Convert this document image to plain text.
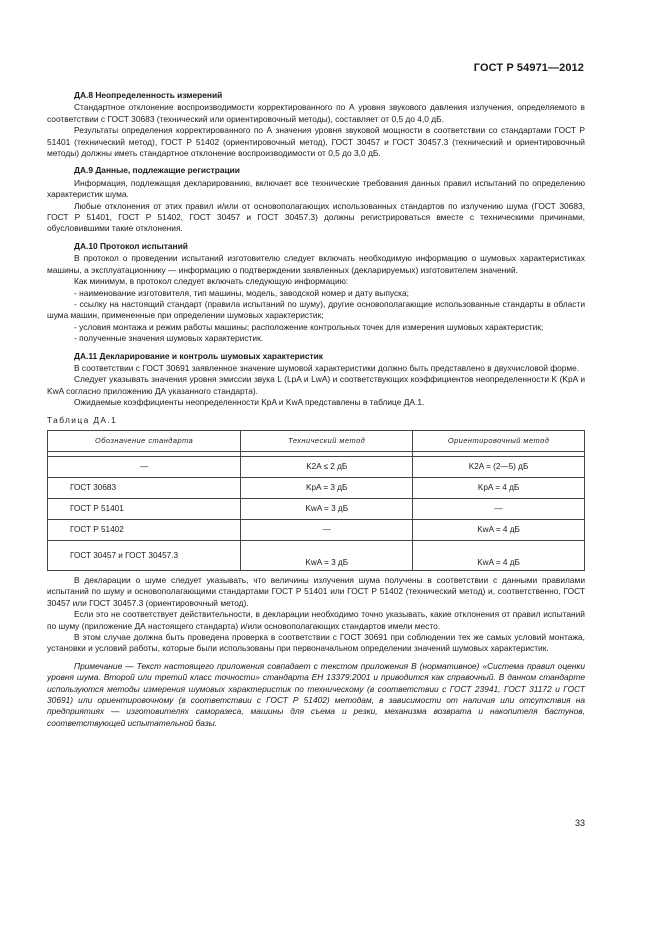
ГОСТ Р 54971—2012
ДА.8 Неопределенность измерений

Стандартное отклонение воспроизводимости корректированного по А уровня звукового давления излучения, определяемого в соответствии с ГОСТ 30683 (технический или ориентировочный методы), составляет от 0,5 до 4,0 дБ.

Результаты определения корректированного по А значения уровня звуковой мощности в соответствии со стандартами ГОСТ Р 51401 (технический метод), ГОСТ Р 51402 (ориентировочный метод), ГОСТ 30457 и ГОСТ 30457.3 (технический и ориентировочный методы) должны иметь стандартное отклонение воспроизводимости от 0,5 до 3,0 дБ.

ДА.9 Данные, подлежащие регистрации

Информация, подлежащая декларированию, включает все технические требования данных правил испытаний по определению характеристик шума.

Любые отклонения от этих правил и/или от основополагающих использованных стандартов по излучению шума (ГОСТ 30683, ГОСТ Р 51401, ГОСТ Р 51402, ГОСТ 30457 и ГОСТ 30457.3) должны регистрироваться вместе с техническими причинами, обусловившими такие отклонения.

ДА.10 Протокол испытаний

В протокол о проведении испытаний изготовителю следует включать необходимую информацию о шумовых характеристиках машины, а эксплуатационнику — информацию о подтверждении заявленных (декларируемых) изготовителем значений.

Как минимум, в протокол следует включать следующую информацию:

- наименование изготовителя, тип машины, модель, заводской номер и дату выпуска;

- ссылку на настоящий стандарт (правила испытаний по шуму), другие основополагающие использованные стандарты в области шума машин, примененные при определении шумовых характеристик;

- условия монтажа и режим работы машины; расположение контрольных точек для измерения шумовых характеристик;

- полученные значения шумовых характеристик.

ДА.11 Декларирование и контроль шумовых характеристик

В соответствии с ГОСТ 30691 заявленное значение шумовой характеристики должно быть представлено в двухчисловой форме.

Следует указывать значения уровня эмиссии звука L (LpA и LwA) и соответствующих коэффициентов неопределенности K (KpA и KwA согласно приложению ДА указанного стандарта).

Ожидаемые коэффициенты неопределенности KpA и KwA представлены в таблице ДА.1.

Таблица ДА.1
Обозначение стандарта	Технический метод	Ориентировочный метод

—	K2A ≤ 2 дБ	K2A = (2—5) дБ
ГОСТ 30683	KpA = 3 дБ	KpA = 4 дБ
ГОСТ Р 51401	KwA = 3 дБ	—
ГОСТ Р 51402	—	KwA = 4 дБ
ГОСТ 30457 и ГОСТ 30457.3	KwA = 3 дБ	KwA = 4 дБ

В декларации о шуме следует указывать, что величины излучения шума получены в соответствии с данными правилами испытаний по шуму и основополагающими стандартами ГОСТ Р 51401 или ГОСТ Р 51402 (технический метод) и, соответственно, ГОСТ 30457 или ГОСТ 30457.3 (ориентировочный метод).

Если это не соответствует действительности, в декларации необходимо точно указывать, какие отклонения от правил испытаний по шуму (приложение ДА настоящего стандарта) и/или основополагающих стандартов имели место.

В этом случае должна быть проведена проверка в соответствии с ГОСТ 30691 при соблюдении тех же самых условий монтажа, установки и условий работы, которые были использованы при первоначальном определении значений шумовых характеристик.

Примечание — Текст настоящего приложения совпадает с текстом приложения В (нормативное) «Система правил оценки уровня шума. Второй или третий класс точности» стандарта ЕН 13379:2001 и приводится как справочный. В данном стандарте используются методы измерения шумовых характеристик по техническому (в соответствии с ГОСТ 23941, ГОСТ 31172 и ГОСТ 30691) или ориентировочному (в соответствии с ГОСТ Р 51402) методам, в зависимости от наличия или отсутствия на предприятиях — изготовителях саморазеса, машины для съема и резки, механизма возврата и накопителя бастунов, соответствующей испытательной базы.

33
